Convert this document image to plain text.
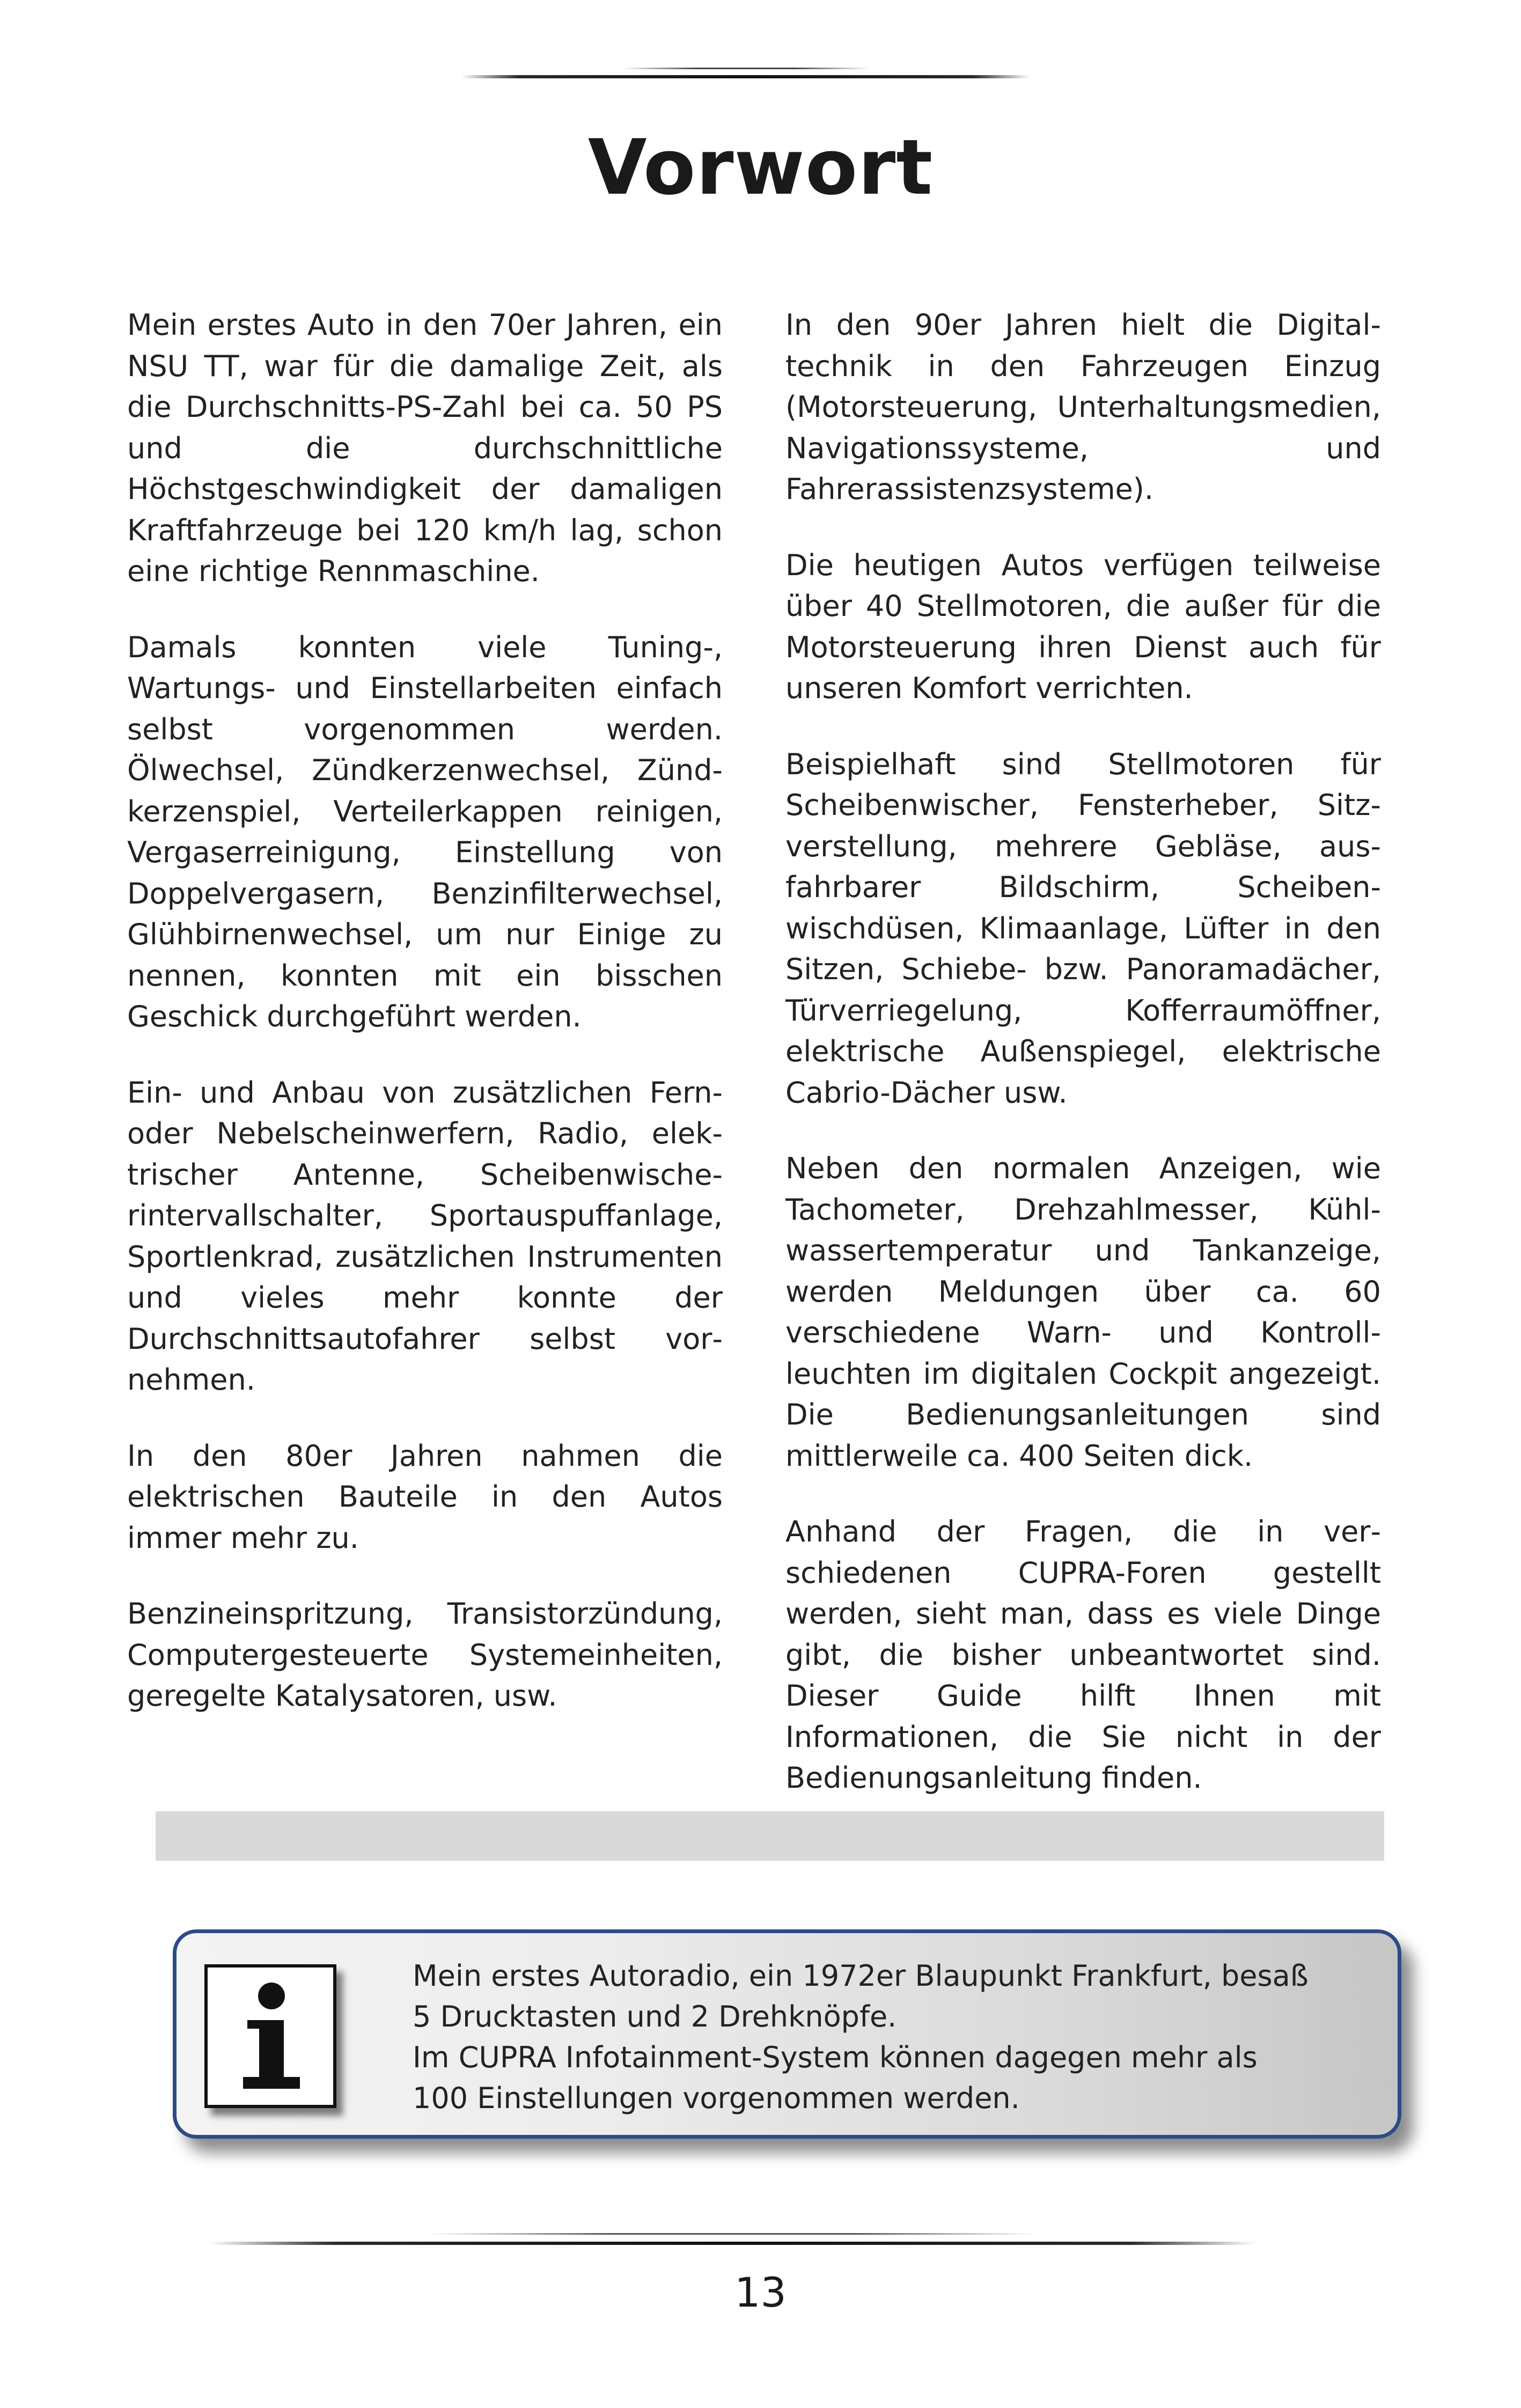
Vorwort

Mein erstes Auto in den 70er Jahren, ein NSU TT, war für die damalige Zeit, als die Durchschnitts-PS-Zahl bei ca. 50 PS und die durchschnittliche Höchstgeschwindigkeit der damaligen Kraftfahrzeuge bei 120 km/h lag, schon eine richtige Rennmaschine.

Damals konnten viele Tuning-, Wartungs- und Einstellarbeiten einfach selbst vorgenommen werden. Ölwechsel, Zündkerzenwechsel, Zündkerzenspiel, Verteilerkappen reinigen, Vergaserreinigung, Einstellung von Doppelvergasern, Benzinfilterwechsel, Glühbirnenwechsel, um nur Einige zu nennen, konnten mit ein bisschen Geschick durchgeführt werden.

Ein- und Anbau von zusätzlichen Fern- oder Nebelscheinwerfern, Radio, elektrischer Antenne, Scheibenwischerintervallschalter, Sportauspuffanlage, Sportlenkrad, zusätzlichen Instrumenten und vieles mehr konnte der Durchschnittsautofahrer selbst vornehmen.

In den 80er Jahren nahmen die elektrischen Bauteile in den Autos immer mehr zu.

Benzineinspritzung, Transistorzündung, Computergesteuerte Systemeinheiten, geregelte Katalysatoren, usw.

In den 90er Jahren hielt die Digitaltechnik in den Fahrzeugen Einzug (Motorsteuerung, Unterhaltungsmedien, Navigationssysteme, und Fahrerassistenzsysteme).

Die heutigen Autos verfügen teilweise über 40 Stellmotoren, die außer für die Motorsteuerung ihren Dienst auch für unseren Komfort verrichten.

Beispielhaft sind Stellmotoren für Scheibenwischer, Fensterheber, Sitzverstellung, mehrere Gebläse, ausfahrbarer Bildschirm, Scheibenwischdüsen, Klimaanlage, Lüfter in den Sitzen, Schiebe- bzw. Panoramadächer, Türverriegelung, Kofferraumöffner, elektrische Außenspiegel, elektrische Cabrio-Dächer usw.

Neben den normalen Anzeigen, wie Tachometer, Drehzahlmesser, Kühlwassertemperatur und Tankanzeige, werden Meldungen über ca. 60 verschiedene Warn- und Kontrollleuchten im digitalen Cockpit angezeigt. Die Bedienungsanleitungen sind mittlerweile ca. 400 Seiten dick.

Anhand der Fragen, die in verschiedenen CUPRA-Foren gestellt werden, sieht man, dass es viele Dinge gibt, die bisher unbeantwortet sind. Dieser Guide hilft Ihnen mit Informationen, die Sie nicht in der Bedienungsanleitung finden.

Mein erstes Autoradio, ein 1972er Blaupunkt Frankfurt, besaß
5 Drucktasten und 2 Drehknöpfe.
Im CUPRA Infotainment-System können dagegen mehr als
100 Einstellungen vorgenommen werden.
13
